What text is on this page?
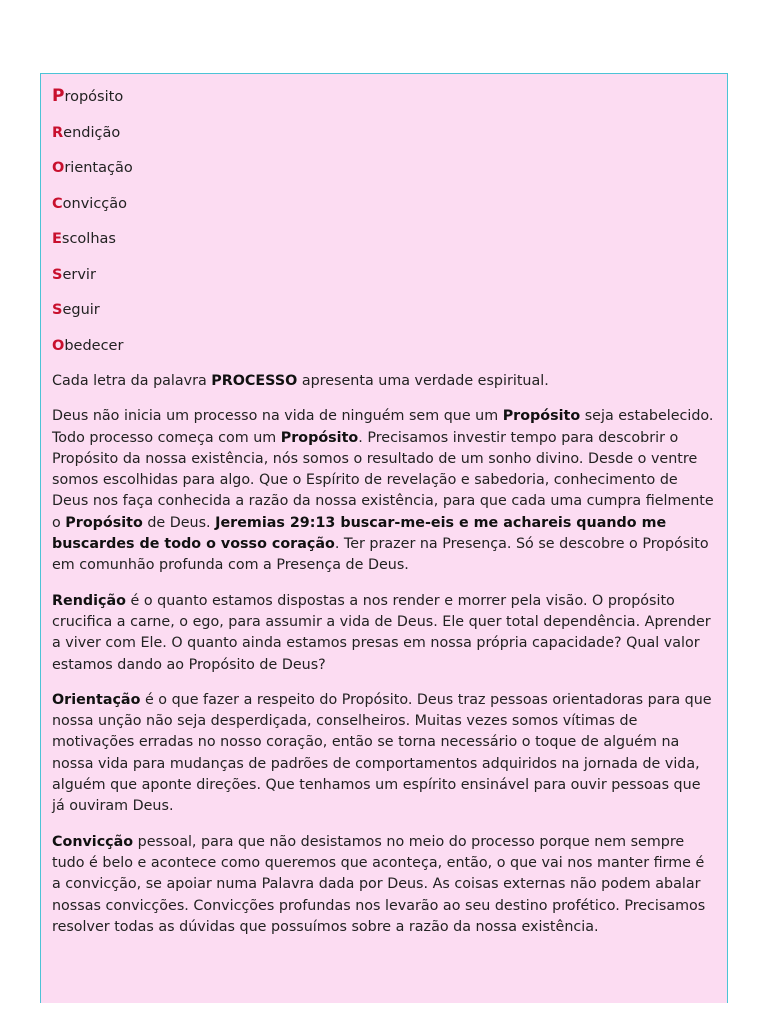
Propósito
Rendição
Orientação
Convicção
Escolhas
Servir
Seguir
Obedecer

Cada letra da palavra PROCESSO apresenta uma verdade espiritual.

Deus não inicia um processo na vida de ninguém sem que um Propósito seja estabelecido. Todo processo começa com um Propósito. Precisamos investir tempo para descobrir o Propósito da nossa existência, nós somos o resultado de um sonho divino. Desde o ventre somos escolhidas para algo. Que o Espírito de revelação e sabedoria, conhecimento de Deus nos faça conhecida a razão da nossa existência, para que cada uma cumpra fielmente o Propósito de Deus. Jeremias 29:13 buscar-me-eis e me achareis quando me buscardes de todo o vosso coração. Ter prazer na Presença. Só se descobre o Propósito em comunhão profunda com a Presença de Deus.

Rendição é o quanto estamos dispostas a nos render e morrer pela visão. O propósito crucifica a carne, o ego, para assumir a vida de Deus. Ele quer total dependência. Aprender a viver com Ele. O quanto ainda estamos presas em nossa própria capacidade? Qual valor estamos dando ao Propósito de Deus?

Orientação é o que fazer a respeito do Propósito. Deus traz pessoas orientadoras para que nossa unção não seja desperdiçada, conselheiros. Muitas vezes somos vítimas de motivações erradas no nosso coração, então se torna necessário o toque de alguém na nossa vida para mudanças de padrões de comportamentos adquiridos na jornada de vida, alguém que aponte direções. Que tenhamos um espírito ensinável para ouvir pessoas que já ouviram Deus.

Convicção pessoal, para que não desistamos no meio do processo porque nem sempre tudo é belo e acontece como queremos que aconteça, então, o que vai nos manter firme é a convicção, se apoiar numa Palavra dada por Deus. As coisas externas não podem abalar nossas convicções. Convicções profundas nos levarão ao seu destino profético. Precisamos resolver todas as dúvidas que possuímos sobre a razão da nossa existência.
